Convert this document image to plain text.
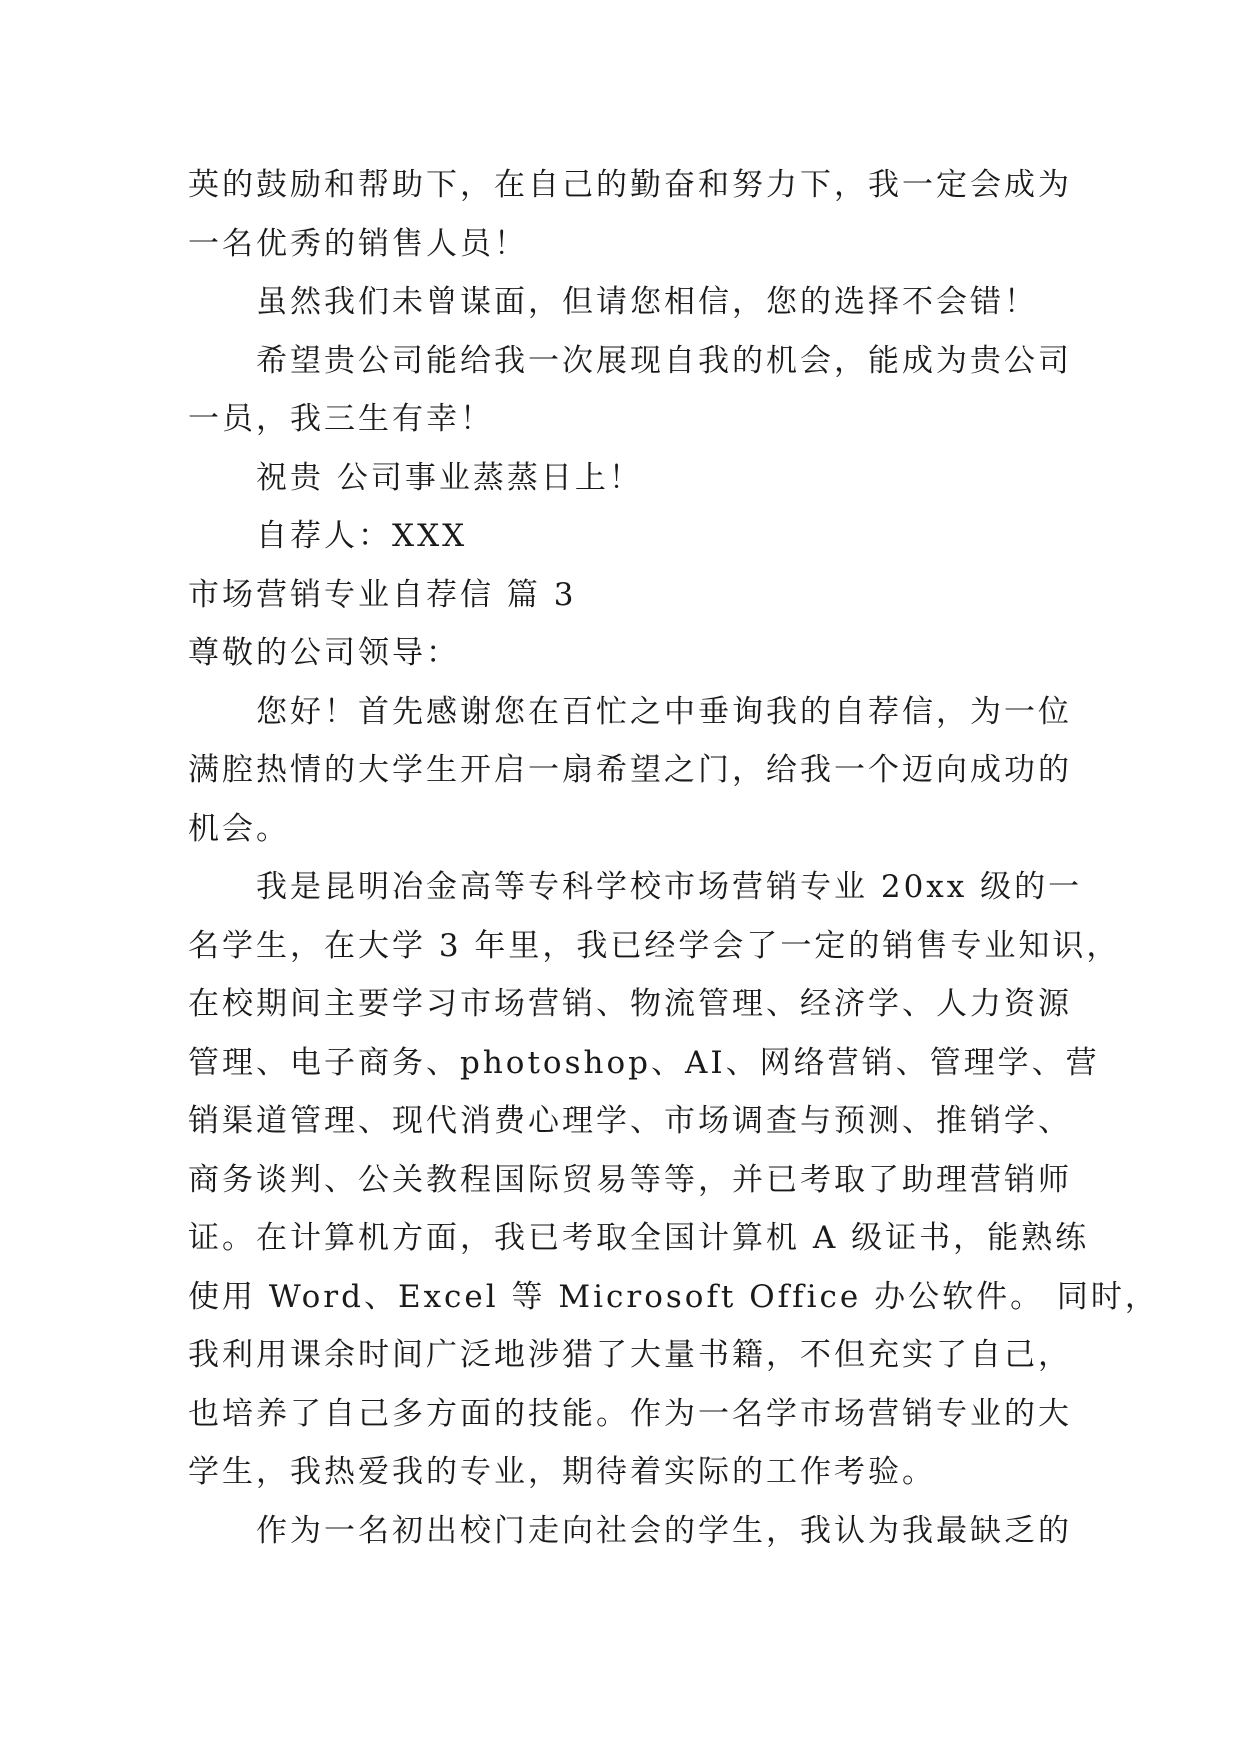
英的鼓励和帮助下，在自己的勤奋和努力下，我一定会成为
一名优秀的销售人员！
虽然我们未曾谋面，但请您相信，您的选择不会错！
希望贵公司能给我一次展现自我的机会，能成为贵公司
一员，我三生有幸！
祝贵 公司事业蒸蒸日上！
自荐人：XXX
市场营销专业自荐信 篇 3
尊敬的公司领导：
您好！首先感谢您在百忙之中垂询我的自荐信，为一位
满腔热情的大学生开启一扇希望之门，给我一个迈向成功的
机会。
我是昆明冶金高等专科学校市场营销专业 20xx 级的一
名学生，在大学 3 年里，我已经学会了一定的销售专业知识，
在校期间主要学习市场营销、物流管理、经济学、人力资源
管理、电子商务、photoshop、AI、网络营销、管理学、营
销渠道管理、现代消费心理学、市场调查与预测、推销学、
商务谈判、公关教程国际贸易等等，并已考取了助理营销师
证。在计算机方面，我已考取全国计算机 A 级证书，能熟练
使用 Word、Excel 等 Microsoft Office 办公软件。 同时，
我利用课余时间广泛地涉猎了大量书籍，不但充实了自己，
也培养了自己多方面的技能。作为一名学市场营销专业的大
学生，我热爱我的专业，期待着实际的工作考验。
作为一名初出校门走向社会的学生，我认为我最缺乏的
